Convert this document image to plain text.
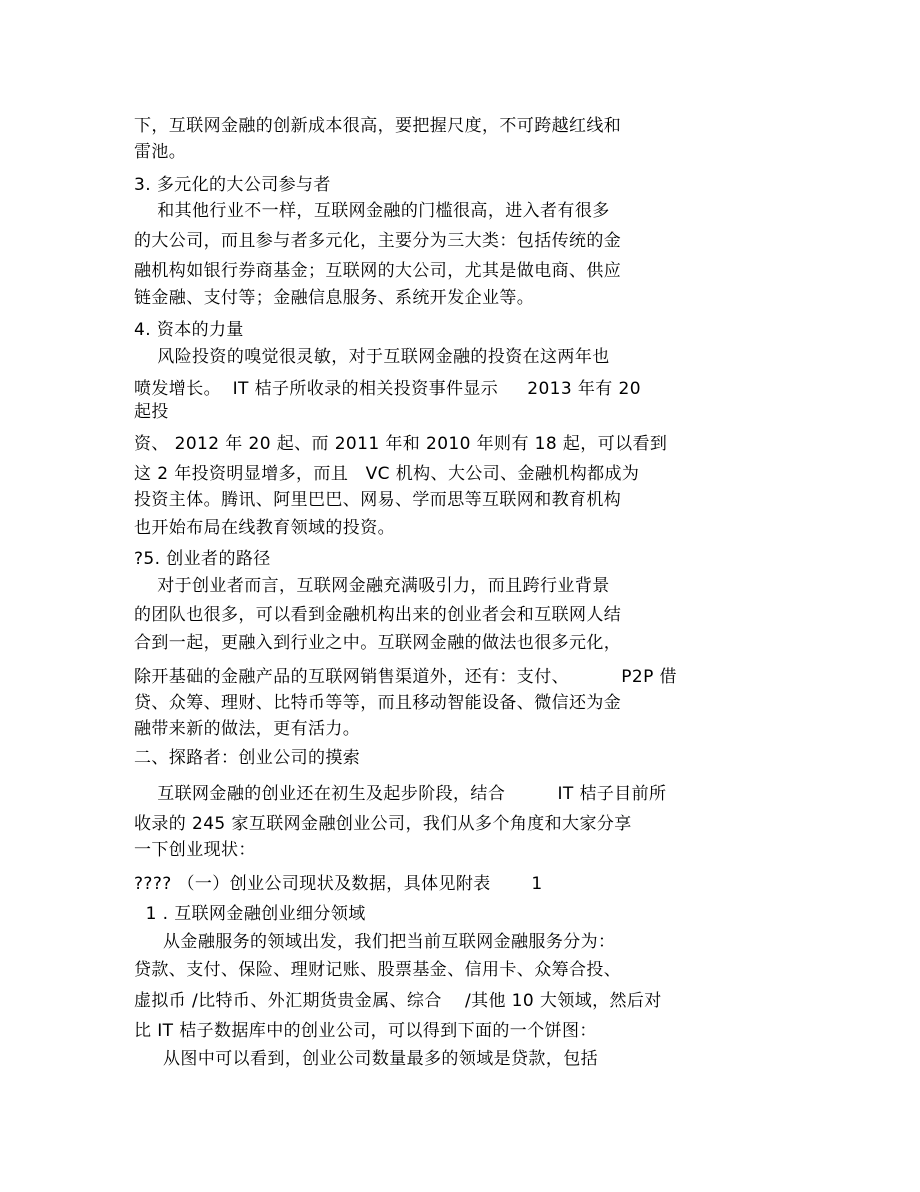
下，互联网金融的创新成本很高，要把握尺度，不可跨越红线和

雷池。

3. 多元化的大公司参与者

和其他行业不一样，互联网金融的门槛很高，进入者有很多

的大公司，而且参与者多元化，主要分为三大类：包括传统的金

融机构如银行券商基金；互联网的大公司，尤其是做电商、供应

链金融、支付等；金融信息服务、系统开发企业等。

4. 资本的力量

风险投资的嗅觉很灵敏，对于互联网金融的投资在这两年也

喷发增长。  IT 桔子所收录的相关投资事件显示     2013 年有 20

起投

资、 2012 年 20 起、而 2011 年和 2010 年则有 18 起，可以看到

这 2 年投资明显增多，而且   VC 机构、大公司、金融机构都成为

投资主体。腾讯、阿里巴巴、网易、学而思等互联网和教育机构

也开始布局在线教育领域的投资。

?5. 创业者的路径

对于创业者而言，互联网金融充满吸引力，而且跨行业背景

的团队也很多，可以看到金融机构出来的创业者会和互联网人结

合到一起，更融入到行业之中。互联网金融的做法也很多元化，

除开基础的金融产品的互联网销售渠道外，还有：支付、         P2P 借

贷、众筹、理财、比特币等等，而且移动智能设备、微信还为金

融带来新的做法，更有活力。

二、探路者：创业公司的摸索

互联网金融的创业还在初生及起步阶段，结合         IT 桔子目前所

收录的 245 家互联网金融创业公司，我们从多个角度和大家分享

一下创业现状：

???? （一）创业公司现状及数据，具体见附表       1

1 . 互联网金融创业细分领域

从金融服务的领域出发，我们把当前互联网金融服务分为：

贷款、支付、保险、理财记账、股票基金、信用卡、众筹合投、

虚拟币 /比特币、外汇期货贵金属、综合    /其他 10 大领域，然后对

比 IT 桔子数据库中的创业公司，可以得到下面的一个饼图：

从图中可以看到，创业公司数量最多的领域是贷款，包括
